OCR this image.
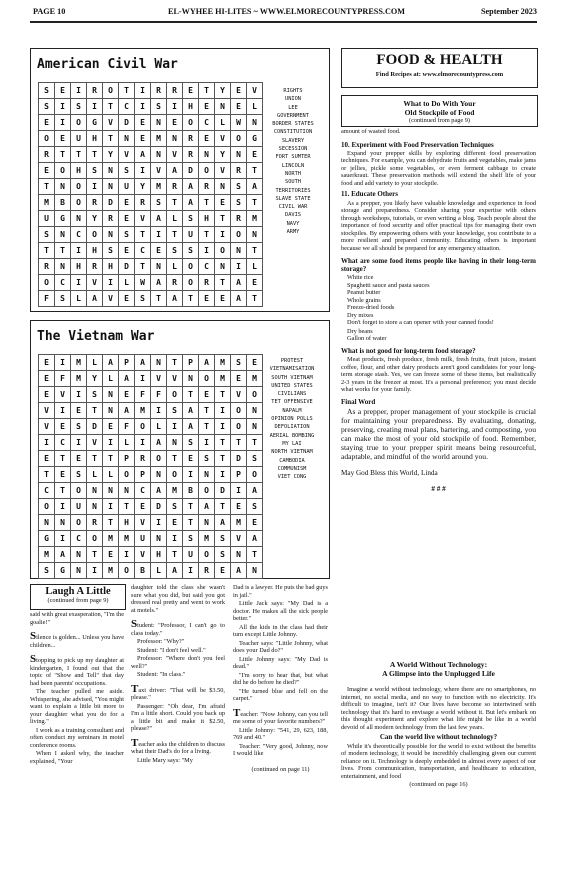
PAGE 10	EL-WYHEE HI-LITES ~ WWW.ELMORECOUNTYPRESS.COM	September 2023
American Civil War
S	E	I	R	O	T	I	R	R	E	T	Y	E	V
S	I	S	I	T	C	I	S	I	H	E	N	E	L
E	I	O	G	V	D	E	N	E	O	C	L	W	N
O	E	U	H	T	N	E	M	N	R	E	V	O	G
R	T	T	T	Y	V	A	N	V	R	N	Y	N	E
E	O	H	S	N	S	I	V	A	D	O	V	R	T
T	N	O	I	N	U	Y	M	R	A	R	N	S	A
M	B	O	R	D	E	R	S	T	A	T	E	S	T
U	G	N	Y	R	E	V	A	L	S	H	T	R	M
S	N	C	O	N	S	T	I	T	U	T	I	O	N
T	T	I	H	S	E	C	E	S	S	I	O	N	T
R	N	H	R	H	D	T	N	L	O	C	N	I	L
O	C	I	V	I	L	W	A	R	O	R	T	A	E
F	S	L	A	V	E	S	T	A	T	E	E	A	T
RIGHTS
UNION
LEE
GOVERNMENT
BORDER STATES
CONSTITUTION
SLAVERY
SECESSION
FORT SUMTER
LINCOLN
NORTH
SOUTH
TERRITORIES
SLAVE STATE
CIVIL WAR
DAVIS
NAVY
ARMY
The Vietnam War
E	I	M	L	A	P	A	N	T	P	A	M	S	E
E	F	M	Y	L	A	I	V	V	N	O	M	E	M
E	V	I	S	N	E	F	F	O	T	E	T	V	O
V	I	E	T	N	A	M	I	S	A	T	I	O	N
V	E	S	D	E	F	O	L	I	A	T	I	O	N
I	C	I	V	I	L	I	A	N	S	I	T	T	T
E	T	E	T	T	P	R	O	T	E	S	T	D	S
T	E	S	L	L	O	P	N	O	I	N	I	P	O
C	T	O	N	N	N	C	A	M	B	O	D	I	A
O	I	U	N	I	T	E	D	S	T	A	T	E	S
N	N	O	R	T	H	V	I	E	T	N	A	M	E
G	I	C	O	M	M	U	N	I	S	M	S	V	A
M	A	N	T	E	I	V	H	T	U	O	S	N	T
S	G	N	I	M	O	B	L	A	I	R	E	A	N
PROTEST
VIETNAMISATION
SOUTH VIETNAM
UNITED STATES
CIVILIANS
TET OFFENSIVE
NAPALM
OPINION POLLS
DEFOLIATION
AERIAL BOMBING
MY LAI
NORTH VIETNAM
CAMBODIA
COMMUNISM
VIET CONG
FOOD & HEALTH
Find Recipes at: www.elmorecountypress.com
What to Do With Your
Old Stockpile of Food
(continued from page 9)

amount of wasted food.

10. Experiment with Food Preservation Techniques

Expand your prepper skills by exploring different food preservation techniques. For example, you can dehydrate fruits and vegetables, make jams or jellies, pickle some vegetables, or even ferment cabbage to create sauerkraut. These preservation methods will extend the shelf life of your food and add variety to your stockpile.

11. Educate Others

As a prepper, you likely have valuable knowledge and experience in food storage and preparedness. Consider sharing your expertise with others through workshops, tutorials, or even writing a blog. Teach people about the importance of food security and offer practical tips for managing their own stockpiles. By empowering others with your knowledge, you contribute to a more resilient and prepared community. Educating others is important because we all should be prepared for any emergency situation.

What are some food items people like having in their long-term storage?

White rice
Spaghetti sauce and pasta sauces
Peanut butter
Whole grains
Freeze-dried foods
Dry mixes

Don't forget to store a can opener with your canned foods!

Dry beans
Gallon of water

What is not good for long-term food storage?

Meat products, fresh produce, fresh milk, fresh fruits, fruit juices, instant coffee, flour, and other dairy products aren't good candidates for your long-term storage stash. Yes, we can freeze some of these items, but realistically 2-3 years in the freezer at most. It's a personal preference; you must decide what works for your family.

Final Word

As a prepper, proper management of your stockpile is crucial for maintaining your preparedness. By evaluating, donating, preserving, creating meal plans, bartering, and composting, you can make the most of your old stockpile of food. Remember, staying true to your prepper spirit means being resourceful, adaptable, and mindful of the world around you.

May God Bless this World, Linda

# # #

A World Without Technology:
A Glimpse into the Unplugged Life

Imagine a world without technology, where there are no smartphones, no internet, no social media, and no way to function with no electricity. It's difficult to imagine, isn't it? Our lives have become so intertwined with technology that it's hard to envisage a world without it. But let's embark on this thought experiment and explore what life might be like in a world devoid of all modern technology from the last few years.

Can the world live without technology?

While it's theoretically possible for the world to exist without the benefits of modern technology, it would be incredibly challenging given our current reliance on it. Technology is deeply embedded in almost every aspect of our lives. From communication, transportation, and healthcare to education, entertainment, and food

(continued on page 16)

Laugh A Little
(continued from page 9)

said with great exasperation, "I'm the goalie!"

Silence is golden... Unless you have children...

Stopping to pick up my daughter at kindergarten, I found out that the topic of "Show and Tell" that day had been parents' occupations.

The teacher pulled me aside. Whispering, she advised, "You might want to explain a little bit more to your daughter what you do for a living."

I work as a training consultant and often conduct my seminars in motel conference rooms.

When I asked why, the teacher explained, "Your

daughter told the class she wasn't sure what you did, but said you got dressed real pretty and went to work at motels."

Student: "Professor, I can't go to class today."

Professor: "Why?"

Student: "I don't feel well."

Professor: "Where don't you feel well?"

Student: "In class."

Taxi driver: "That will be $3.50, please."

Passenger: "Oh dear, I'm afraid I'm a little short. Could you back up a little bit and make it $2.50, please?"

Teacher asks the children to discuss what their Dad's do for a living.

Little Mary says: "My

Dad is a lawyer. He puts the bad guys in jail."

Little Jack says: "My Dad is a doctor. He makes all the sick people better."

All the kids in the class had their turn except Little Johnny.

Teacher says: "Little Johnny, what does your Dad do?"

Little Johnny says: "My Dad is dead."

"I'm sorry to hear that, but what did he do before he died?"

"He turned blue and fell on the carpet."

Teacher: "Now Johnny, can you tell me some of your favorite numbers?"

Little Johnny: "541, 29, 623, 188, 769 and 40."

Teacher: "Very good, Johnny, now I would like

(continued on page 11)
